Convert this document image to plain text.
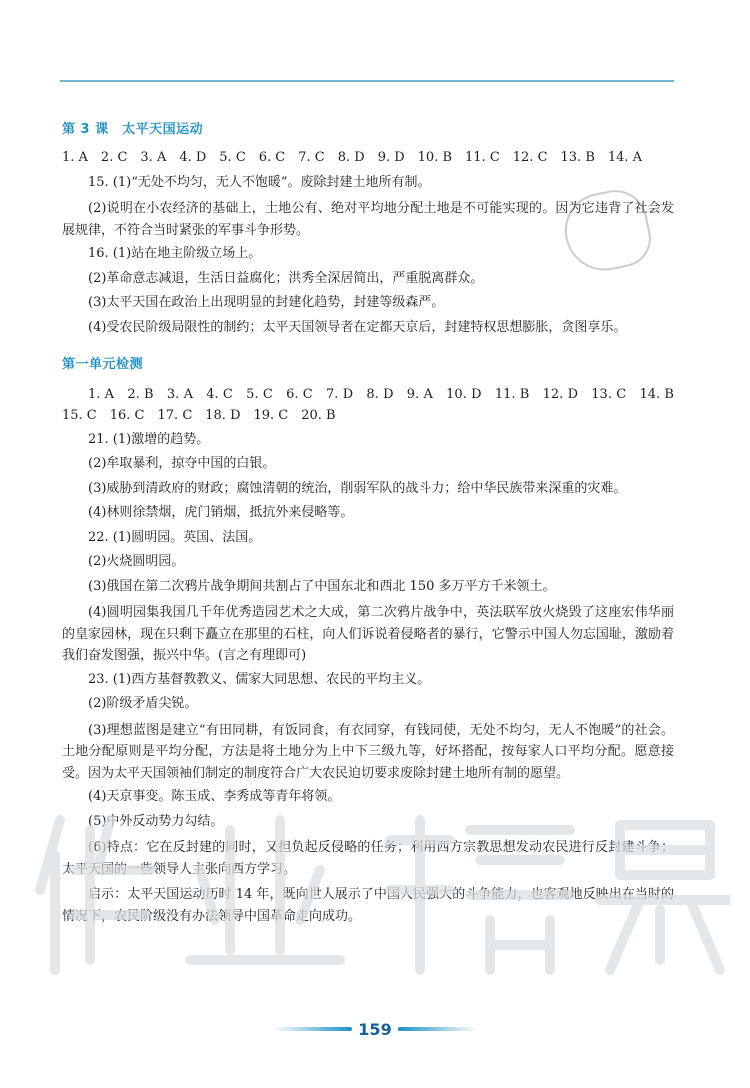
第 3 课　太平天国运动
1. A　2. C　3. A　4. D　5. C　6. C　7. C　8. D　9. D　10. B　11. C　12. C　13. B　14. A
15. (1)“无处不均匀，无人不饱暖”。废除封建土地所有制。
(2)说明在小农经济的基础上，土地公有、绝对平均地分配土地是不可能实现的。因为它违背了社会发展规律，不符合当时紧张的军事斗争形势。
16. (1)站在地主阶级立场上。
(2)革命意志减退，生活日益腐化；洪秀全深居简出，严重脱离群众。
(3)太平天国在政治上出现明显的封建化趋势，封建等级森严。
(4)受农民阶级局限性的制约；太平天国领导者在定都天京后，封建特权思想膨胀，贪图享乐。
第一单元检测
1. A　2. B　3. A　4. C　5. C　6. C　7. D　8. D　9. A　10. D　11. B　12. D　13. C　14. B　15. C　16. C　17. C　18. D　19. C　20. B
21. (1)激增的趋势。
(2)牟取暴利，掠夺中国的白银。
(3)威胁到清政府的财政；腐蚀清朝的统治，削弱军队的战斗力；给中华民族带来深重的灾难。
(4)林则徐禁烟，虎门销烟，抵抗外来侵略等。
22. (1)圆明园。英国、法国。
(2)火烧圆明园。
(3)俄国在第二次鸦片战争期间共割占了中国东北和西北 150 多万平方千米领土。
(4)圆明园集我国几千年优秀造园艺术之大成，第二次鸦片战争中，英法联军放火烧毁了这座宏伟华丽的皇家园林，现在只剩下矗立在那里的石柱，向人们诉说着侵略者的暴行，它警示中国人勿忘国耻，激励着我们奋发图强，振兴中华。(言之有理即可)
23. (1)西方基督教教义、儒家大同思想、农民的平均主义。
(2)阶级矛盾尖锐。
(3)理想蓝图是建立“有田同耕，有饭同食，有衣同穿，有钱同使，无处不均匀，无人不饱暖”的社会。土地分配原则是平均分配，方法是将土地分为上中下三级九等，好坏搭配，按每家人口平均分配。愿意接受。因为太平天国领袖们制定的制度符合广大农民迫切要求废除封建土地所有制的愿望。
(4)天京事变。陈玉成、李秀成等青年将领。
(5)中外反动势力勾结。
(6)特点：它在反封建的同时，又担负起反侵略的任务；利用西方宗教思想发动农民进行反封建斗争；太平天国的一些领导人主张向西方学习。
启示：太平天国运动历时 14 年，既向世人展示了中国人民强大的斗争能力，也客观地反映出在当时的情况下，农民阶级没有办法领导中国革命走向成功。
159
